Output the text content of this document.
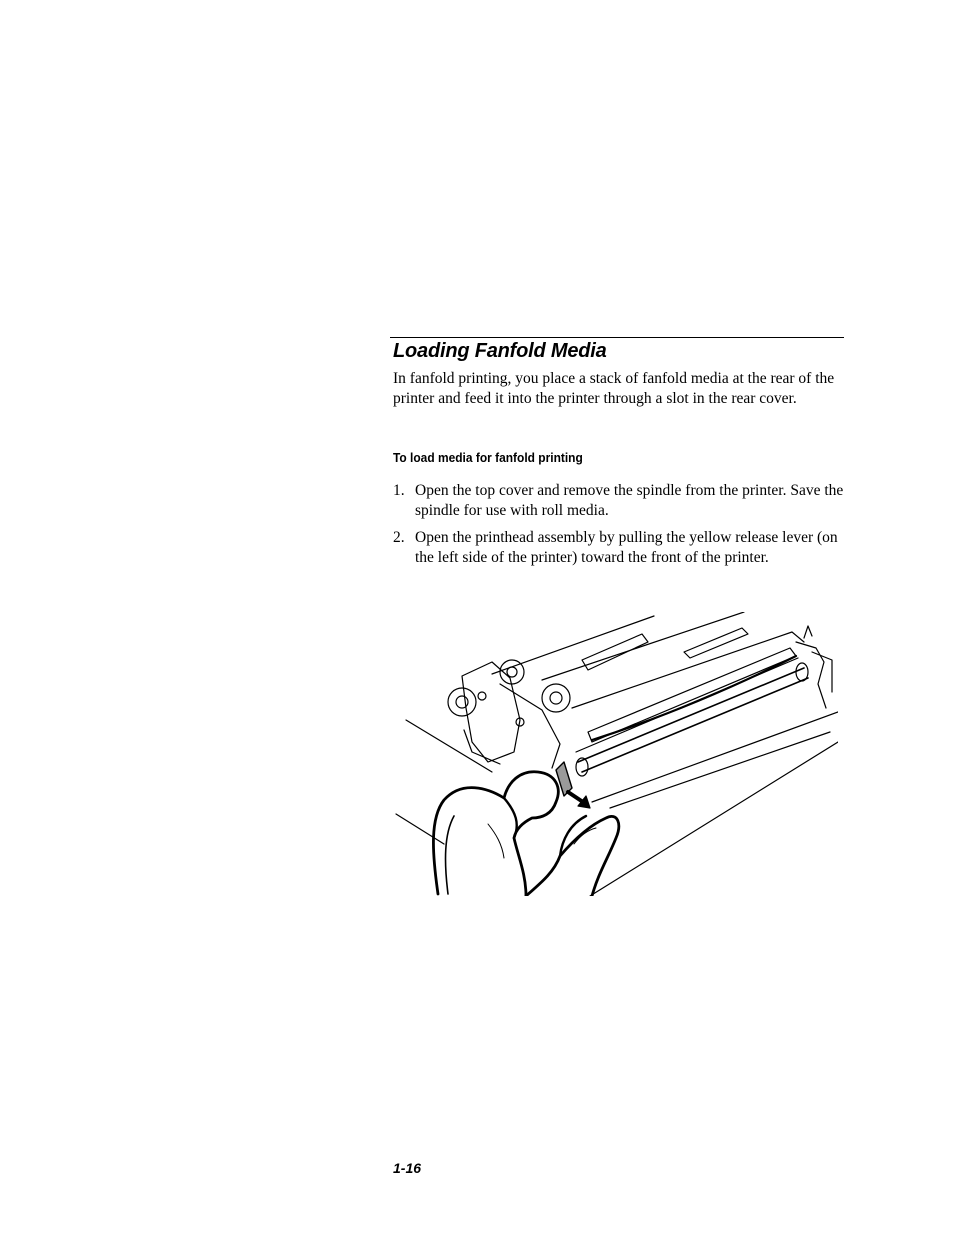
Loading Fanfold Media

In fanfold printing, you place a stack of fanfold media at the rear of the printer and feed it into the printer through a slot in the rear cover.

To load media for fanfold printing
1. Open the top cover and remove the spindle from the printer. Save the spindle for use with roll media.
2. Open the printhead assembly by pulling the yellow release lever (on the left side of the printer) toward the front of the printer.
1-16
